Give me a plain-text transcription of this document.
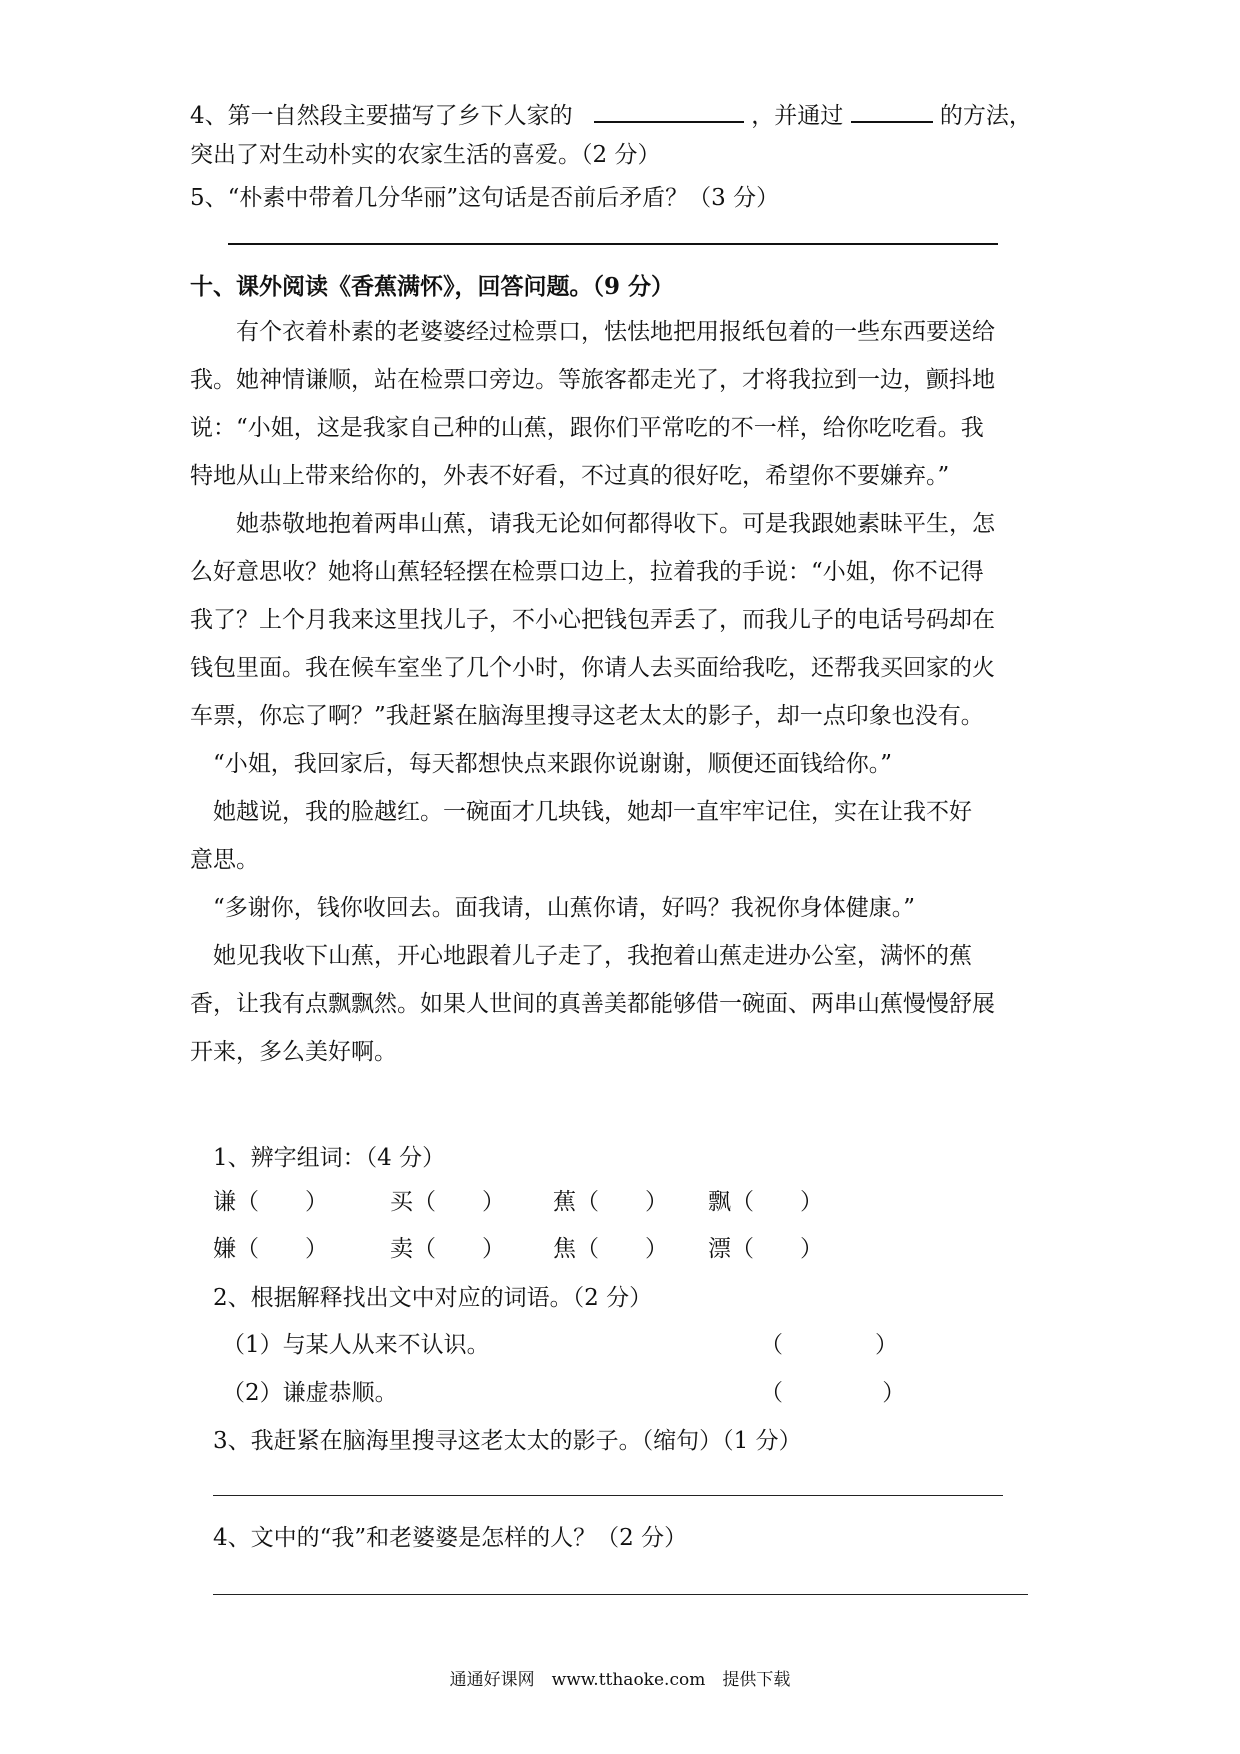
4、第一自然段主要描写了乡下人家的	，并通过	的方法，
突出了对生动朴实的农家生活的喜爱。（2 分）
5、“朴素中带着几分华丽”这句话是否前后矛盾？（3 分）
十、课外阅读《香蕉满怀》，回答问题。（9 分）
　　有个衣着朴素的老婆婆经过检票口，怯怯地把用报纸包着的一些东西要送给
我。她神情谦顺，站在检票口旁边。等旅客都走光了，才将我拉到一边，颤抖地
说：“小姐，这是我家自己种的山蕉，跟你们平常吃的不一样，给你吃吃看。我
特地从山上带来给你的，外表不好看，不过真的很好吃，希望你不要嫌弃。”
　　她恭敬地抱着两串山蕉，请我无论如何都得收下。可是我跟她素昧平生，怎
么好意思收？她将山蕉轻轻摆在检票口边上，拉着我的手说：“小姐，你不记得
我了？上个月我来这里找儿子，不小心把钱包弄丢了，而我儿子的电话号码却在
钱包里面。我在候车室坐了几个小时，你请人去买面给我吃，还帮我买回家的火
车票，你忘了啊？”我赶紧在脑海里搜寻这老太太的影子，却一点印象也没有。
　“小姐，我回家后，每天都想快点来跟你说谢谢，顺便还面钱给你。”
　她越说，我的脸越红。一碗面才几块钱，她却一直牢牢记住，实在让我不好
意思。
　“多谢你，钱你收回去。面我请，山蕉你请，好吗？我祝你身体健康。”
　她见我收下山蕉，开心地跟着儿子走了，我抱着山蕉走进办公室，满怀的蕉
香，让我有点飘飘然。如果人世间的真善美都能够借一碗面、两串山蕉慢慢舒展
开来，多么美好啊。
1、辨字组词：（4 分）
谦（　　）	买（　　） 蕉（　　） 飘（　　）
嫌（　　）	卖（　　） 焦（　　） 漂（　　）
2、根据解释找出文中对应的词语。（2 分）
（1）与某人从来不认识。	（　　　　）
（2）谦虚恭顺。	（　　　　 ）
3、我赶紧在脑海里搜寻这老太太的影子。（缩句）（1 分）
4、文中的“我”和老婆婆是怎样的人？（2 分）
通通好课网　www.tthaoke.com　提供下载
